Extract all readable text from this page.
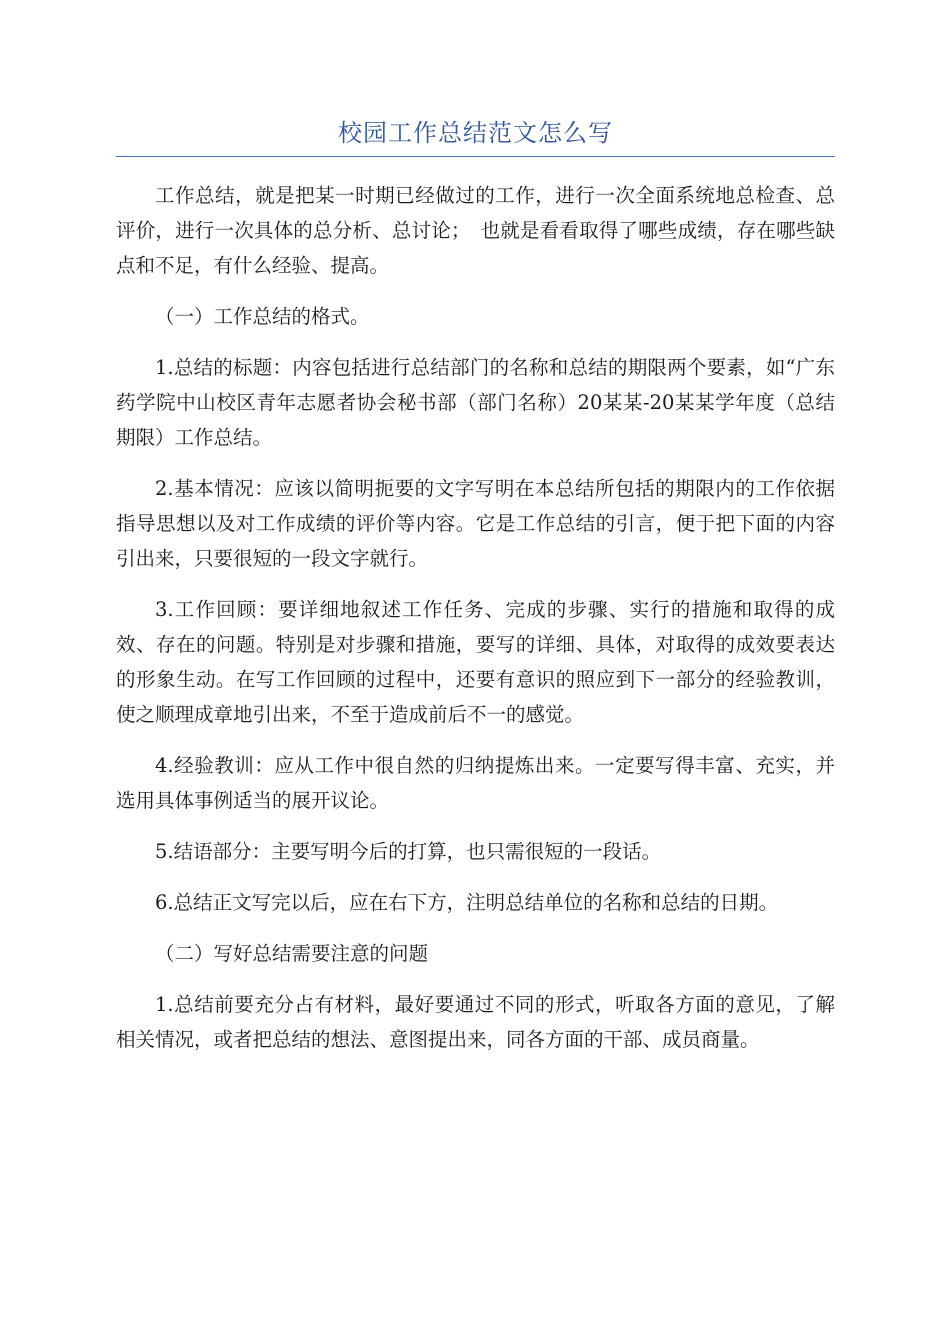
校园工作总结范文怎么写

工作总结，就是把某一时期已经做过的工作，进行一次全面系统地总检查、总评价，进行一次具体的总分析、总讨论；　也就是看看取得了哪些成绩，存在哪些缺点和不足，有什么经验、提高。

（一）工作总结的格式。

1.总结的标题：内容包括进行总结部门的名称和总结的期限两个要素，如“广东药学院中山校区青年志愿者协会秘书部（部门名称）20某某-20某某学年度（总结期限）工作总结。

2.基本情况：应该以简明扼要的文字写明在本总结所包括的期限内的工作依据指导思想以及对工作成绩的评价等内容。它是工作总结的引言，便于把下面的内容引出来，只要很短的一段文字就行。

3.工作回顾：要详细地叙述工作任务、完成的步骤、实行的措施和取得的成效、存在的问题。特别是对步骤和措施，要写的详细、具体，对取得的成效要表达的形象生动。在写工作回顾的过程中，还要有意识的照应到下一部分的经验教训，使之顺理成章地引出来，不至于造成前后不一的感觉。

4.经验教训：应从工作中很自然的归纳提炼出来。一定要写得丰富、充实，并选用具体事例适当的展开议论。

5.结语部分：主要写明今后的打算，也只需很短的一段话。

6.总结正文写完以后，应在右下方，注明总结单位的名称和总结的日期。

（二）写好总结需要注意的问题

1.总结前要充分占有材料，最好要通过不同的形式，听取各方面的意见，了解相关情况，或者把总结的想法、意图提出来，同各方面的干部、成员商量。
